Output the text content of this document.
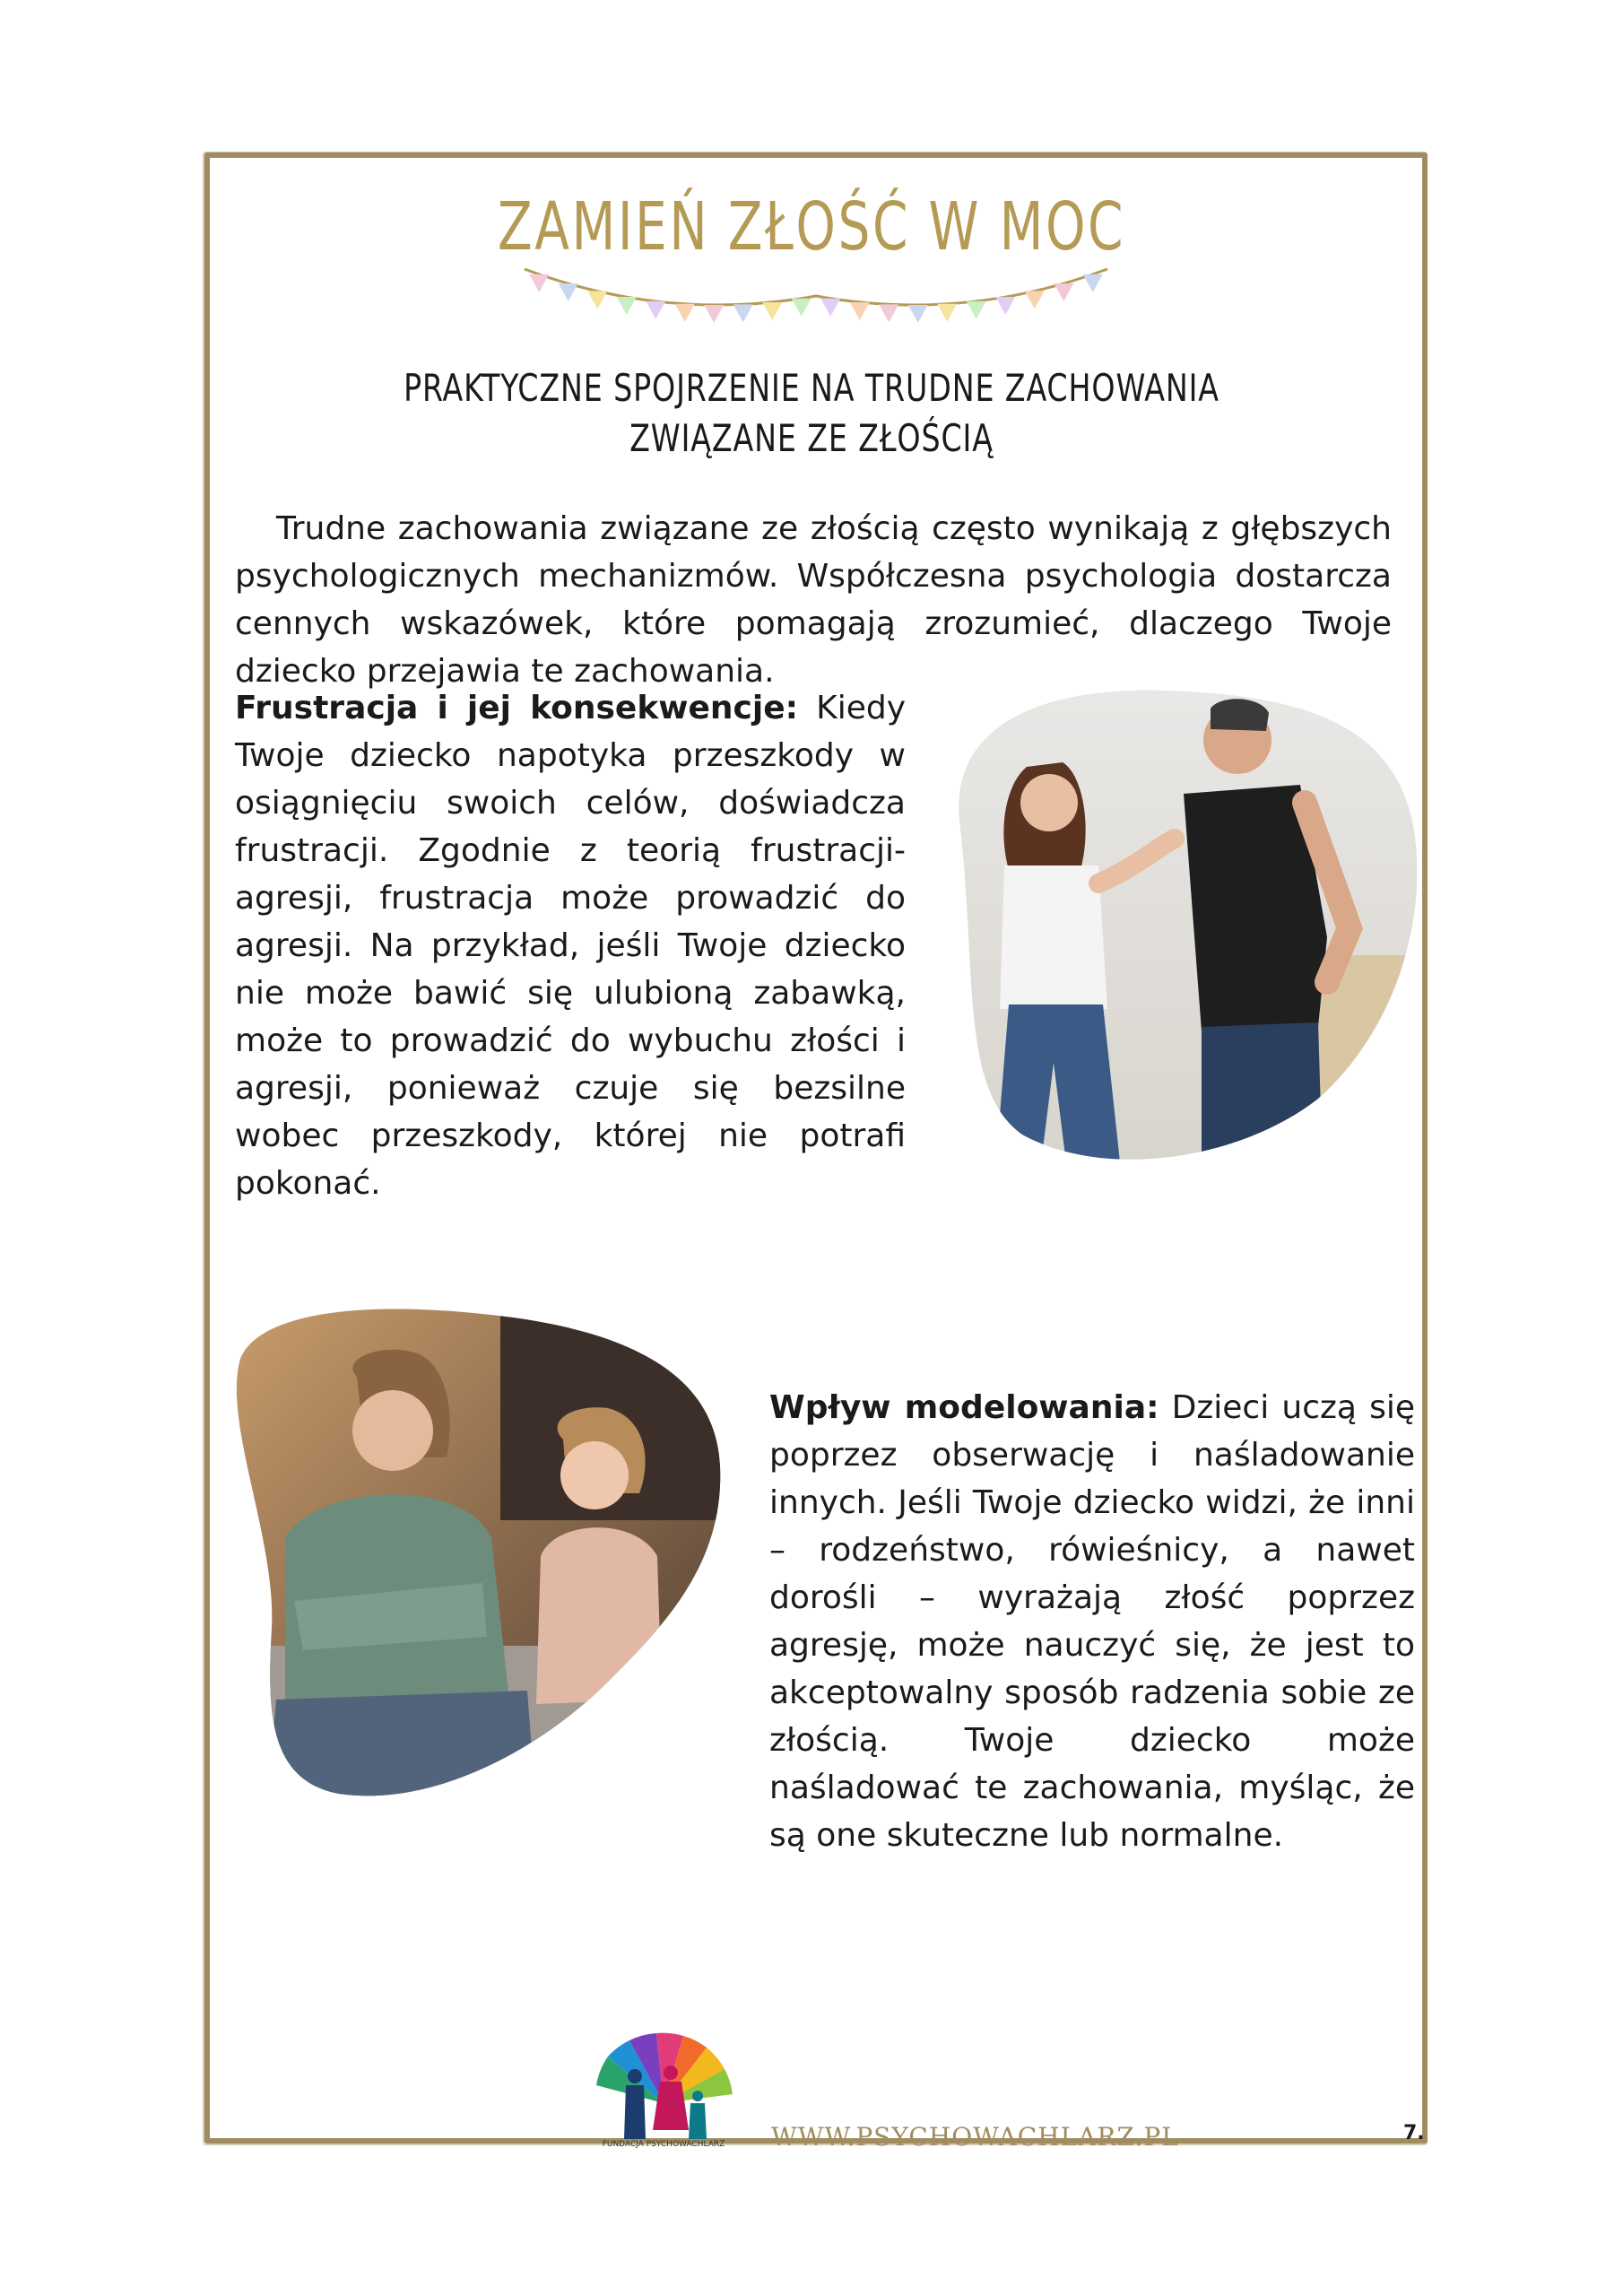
ZAMIEŃ ZŁOŚĆ W MOC
PRAKTYCZNE SPOJRZENIE NA TRUDNE ZACHOWANIA ZWIĄZANE ZE ZŁOŚCIĄ
Trudne zachowania związane ze złością często wynikają z głębszych psychologicznych mechanizmów. Współczesna psychologia dostarcza cennych wskazówek, które pomagają zrozumieć, dlaczego Twoje dziecko przejawia te zachowania.
Frustracja i jej konsekwencje: Kiedy Twoje dziecko napotyka przeszkody w osiągnięciu swoich celów, doświadcza frustracji. Zgodnie z teorią frustracji-agresji, frustracja może prowadzić do agresji. Na przykład, jeśli Twoje dziecko nie może bawić się ulubioną zabawką, może to prowadzić do wybuchu złości i agresji, ponieważ czuje się bezsilne wobec przeszkody, której nie potrafi pokonać.
Wpływ modelowania: Dzieci uczą się poprzez obserwację i naśladowanie innych. Jeśli Twoje dziecko widzi, że inni – rodzeństwo, rówieśnicy, a nawet dorośli – wyrażają złość poprzez agresję, może nauczyć się, że jest to akceptowalny sposób radzenia sobie ze złością. Twoje dziecko może naśladować te zachowania, myśląc, że są one skuteczne lub normalne.
FUNDACJA PSYCHOWACHLARZ WWW.PSYCHOWACHLARZ.PL	7.
